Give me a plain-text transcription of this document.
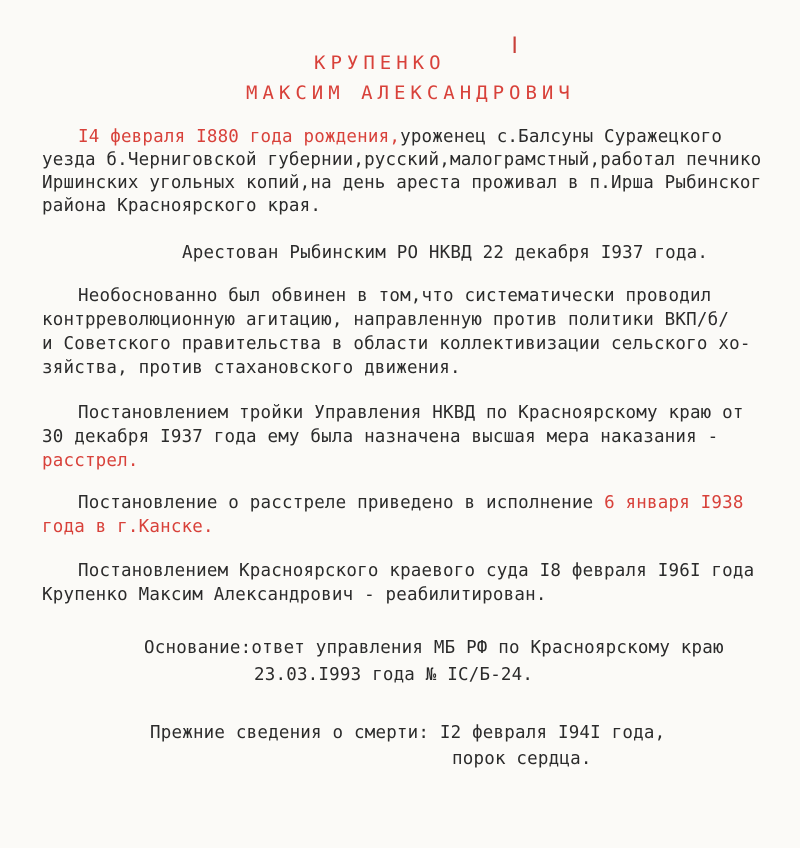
ǀ
КРУПЕНКО
МАКСИМ АЛЕКСАНДРОВИЧ
I4 февраля I880 года рождения,уроженец с.Балсуны Суражецкого
уезда б.Черниговской губернии,русский,малограмстный,работал печнико
Иршинских угольных копий,на день ареста проживал в п.Ирша Рыбинског
района Красноярского края.
Арестован Рыбинским РО НКВД 22 декабря I937 года.
Необоснованно был обвинен в том,что систематически проводил
контрреволюционную агитацию, направленную против политики ВКП/б/
и Советского правительства в области коллективизации сельского хо-
зяйства, против стахановского движения.
Постановлением тройки Управления НКВД по Красноярскому краю от
30 декабря I937 года ему была назначена высшая мера наказания -
расстрел.
Постановление о расстреле приведено в исполнение 6 января I938
года в г.Канске.
Постановлением Красноярского краевого суда I8 февраля I96I года
Крупенко Максим Александрович - реабилитирован.
Основание:ответ управления МБ РФ по Красноярскому краю
23.03.I993 года № IС/Б-24.
Прежние сведения о смерти: I2 февраля I94I года,
порок сердца.
